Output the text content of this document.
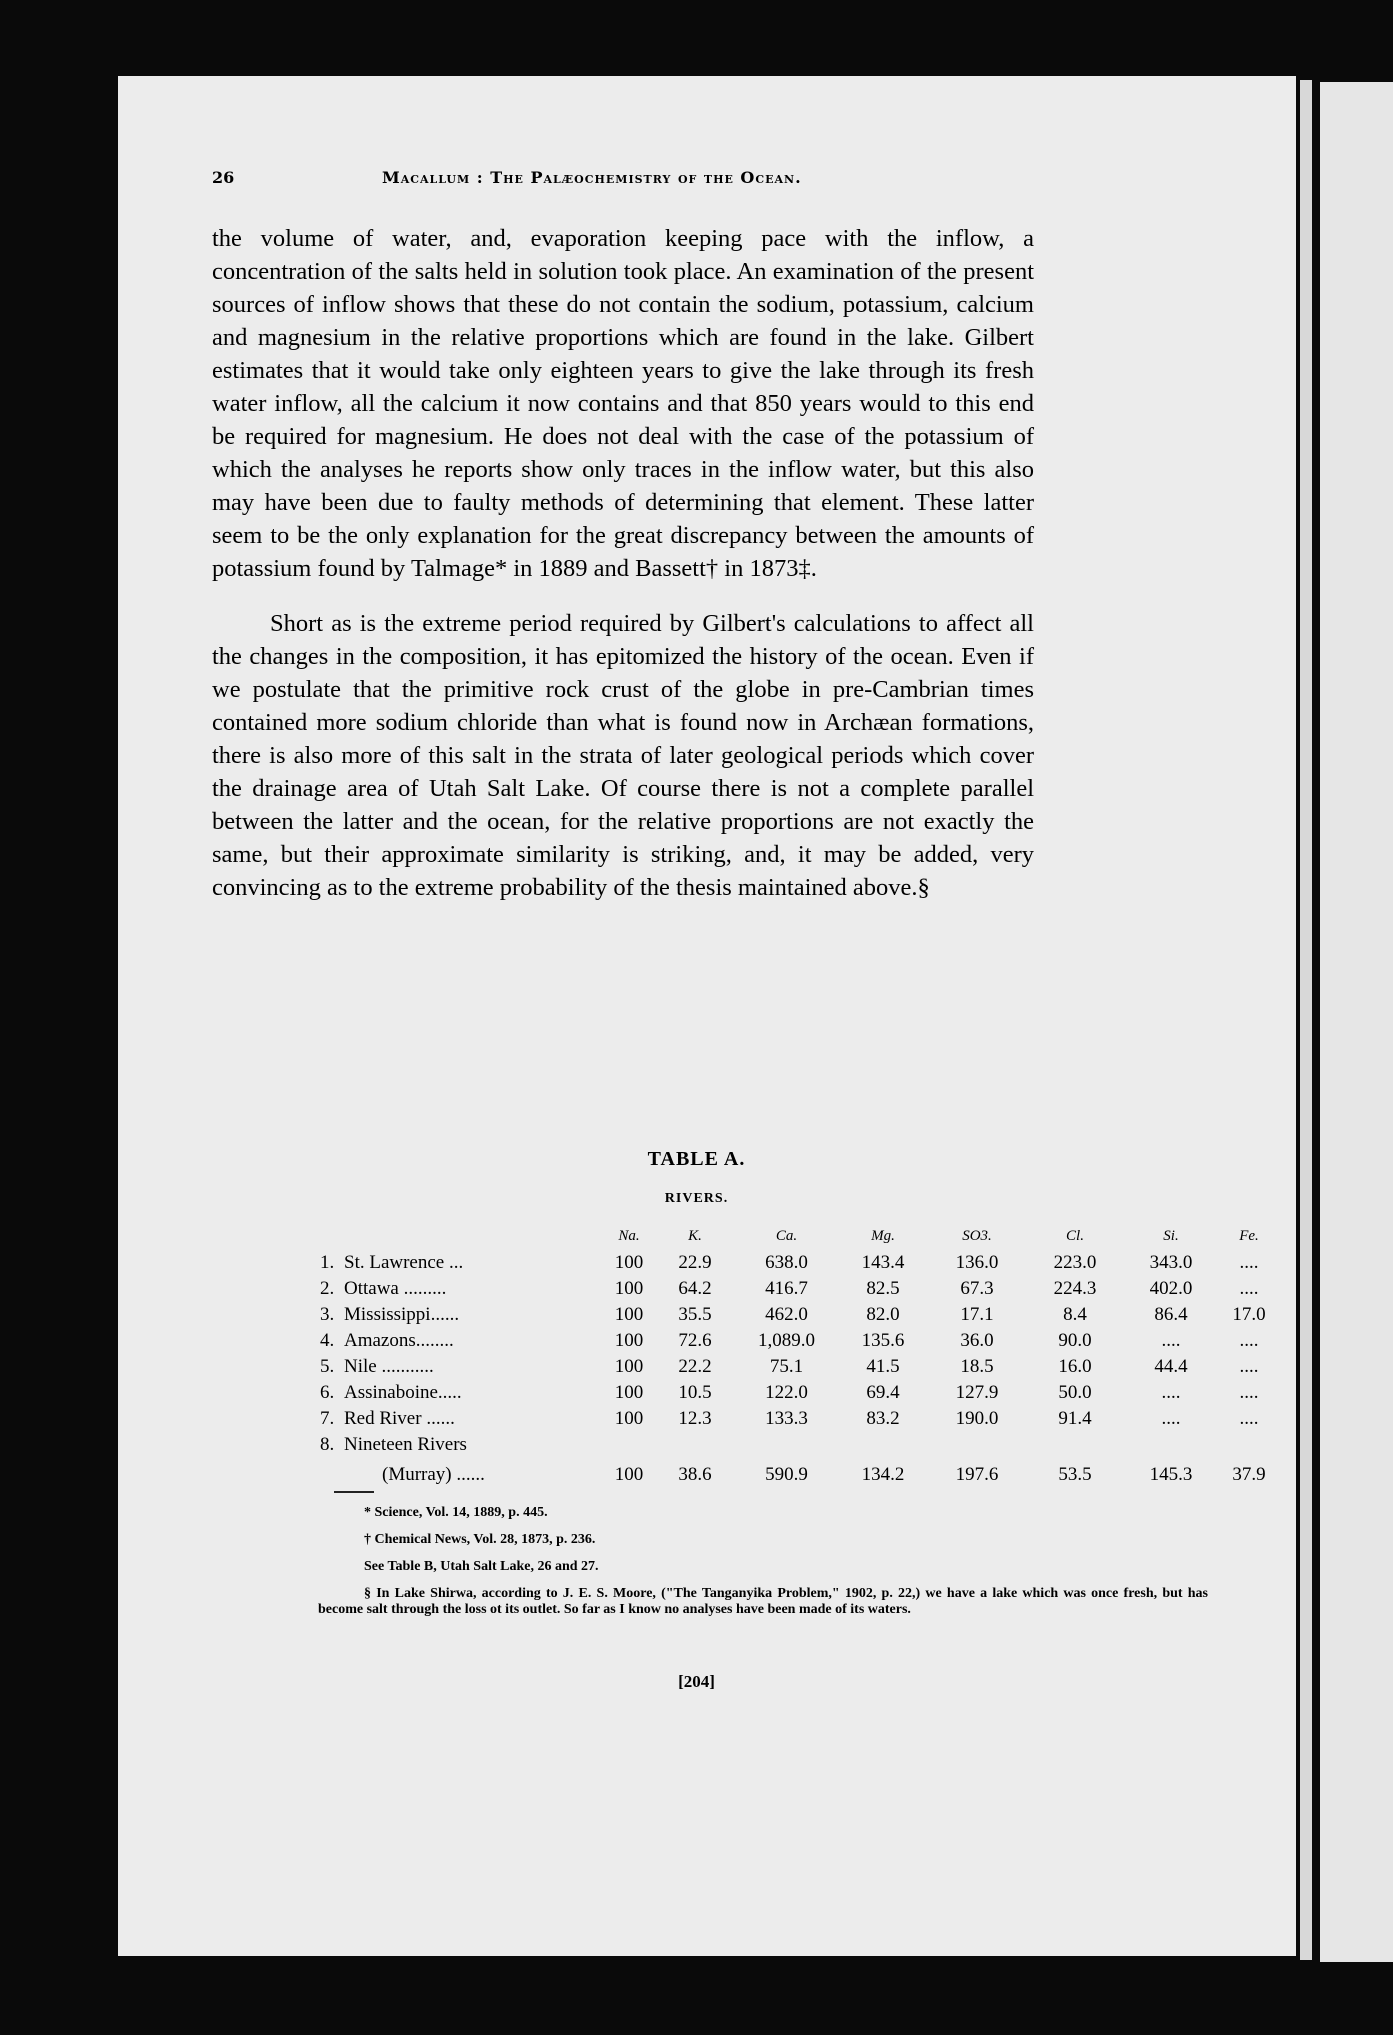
26	Macallum : The Palæochemistry of the Ocean.

the volume of water, and, evaporation keeping pace with the inflow, a concentration of the salts held in solution took place. An examination of the present sources of inflow shows that these do not contain the sodium, potassium, calcium and magnesium in the relative proportions which are found in the lake. Gilbert estimates that it would take only eighteen years to give the lake through its fresh water inflow, all the calcium it now contains and that 850 years would to this end be required for magnesium. He does not deal with the case of the potassium of which the analyses he reports show only traces in the inflow water, but this also may have been due to faulty methods of determining that element. These latter seem to be the only explanation for the great discrepancy between the amounts of potassium found by Talmage* in 1889 and Bassett† in 1873‡.

Short as is the extreme period required by Gilbert's calculations to affect all the changes in the composition, it has epitomized the history of the ocean. Even if we postulate that the primitive rock crust of the globe in pre-Cambrian times contained more sodium chloride than what is found now in Archæan formations, there is also more of this salt in the strata of later geological periods which cover the drainage area of Utah Salt Lake. Of course there is not a complete parallel between the latter and the ocean, for the relative proportions are not exactly the same, but their approximate similarity is striking, and, it may be added, very convincing as to the extreme probability of the thesis maintained above.§

TABLE A.
RIVERS.
		Na.	K.	Ca.	Mg.	SO3.	Cl.	Si.	Fe.
1.	St. Lawrence ...	100	22.9	638.0	143.4	136.0	223.0	343.0	....
2.	Ottawa .........	100	64.2	416.7	82.5	67.3	224.3	402.0	....
3.	Mississippi......	100	35.5	462.0	82.0	17.1	8.4	86.4	17.0
4.	Amazons........	100	72.6	1,089.0	135.6	36.0	90.0	....	....
5.	Nile ...........	100	22.2	75.1	41.5	18.5	16.0	44.4	....
6.	Assinaboine.....	100	10.5	122.0	69.4	127.9	50.0	....	....
7.	Red River ......	100	12.3	133.3	83.2	190.0	91.4	....	....
8.	Nineteen Rivers								
	(Murray) ......	100	38.6	590.9	134.2	197.6	53.5	145.3	37.9
* Science, Vol. 14, 1889, p. 445.
† Chemical News, Vol. 28, 1873, p. 236.
See Table B, Utah Salt Lake, 26 and 27.
§ In Lake Shirwa, according to J. E. S. Moore, ("The Tanganyika Problem," 1902, p. 22,) we have a lake which was once fresh, but has become salt through the loss ot its outlet. So far as I know no analyses have been made of its waters.
[204]
